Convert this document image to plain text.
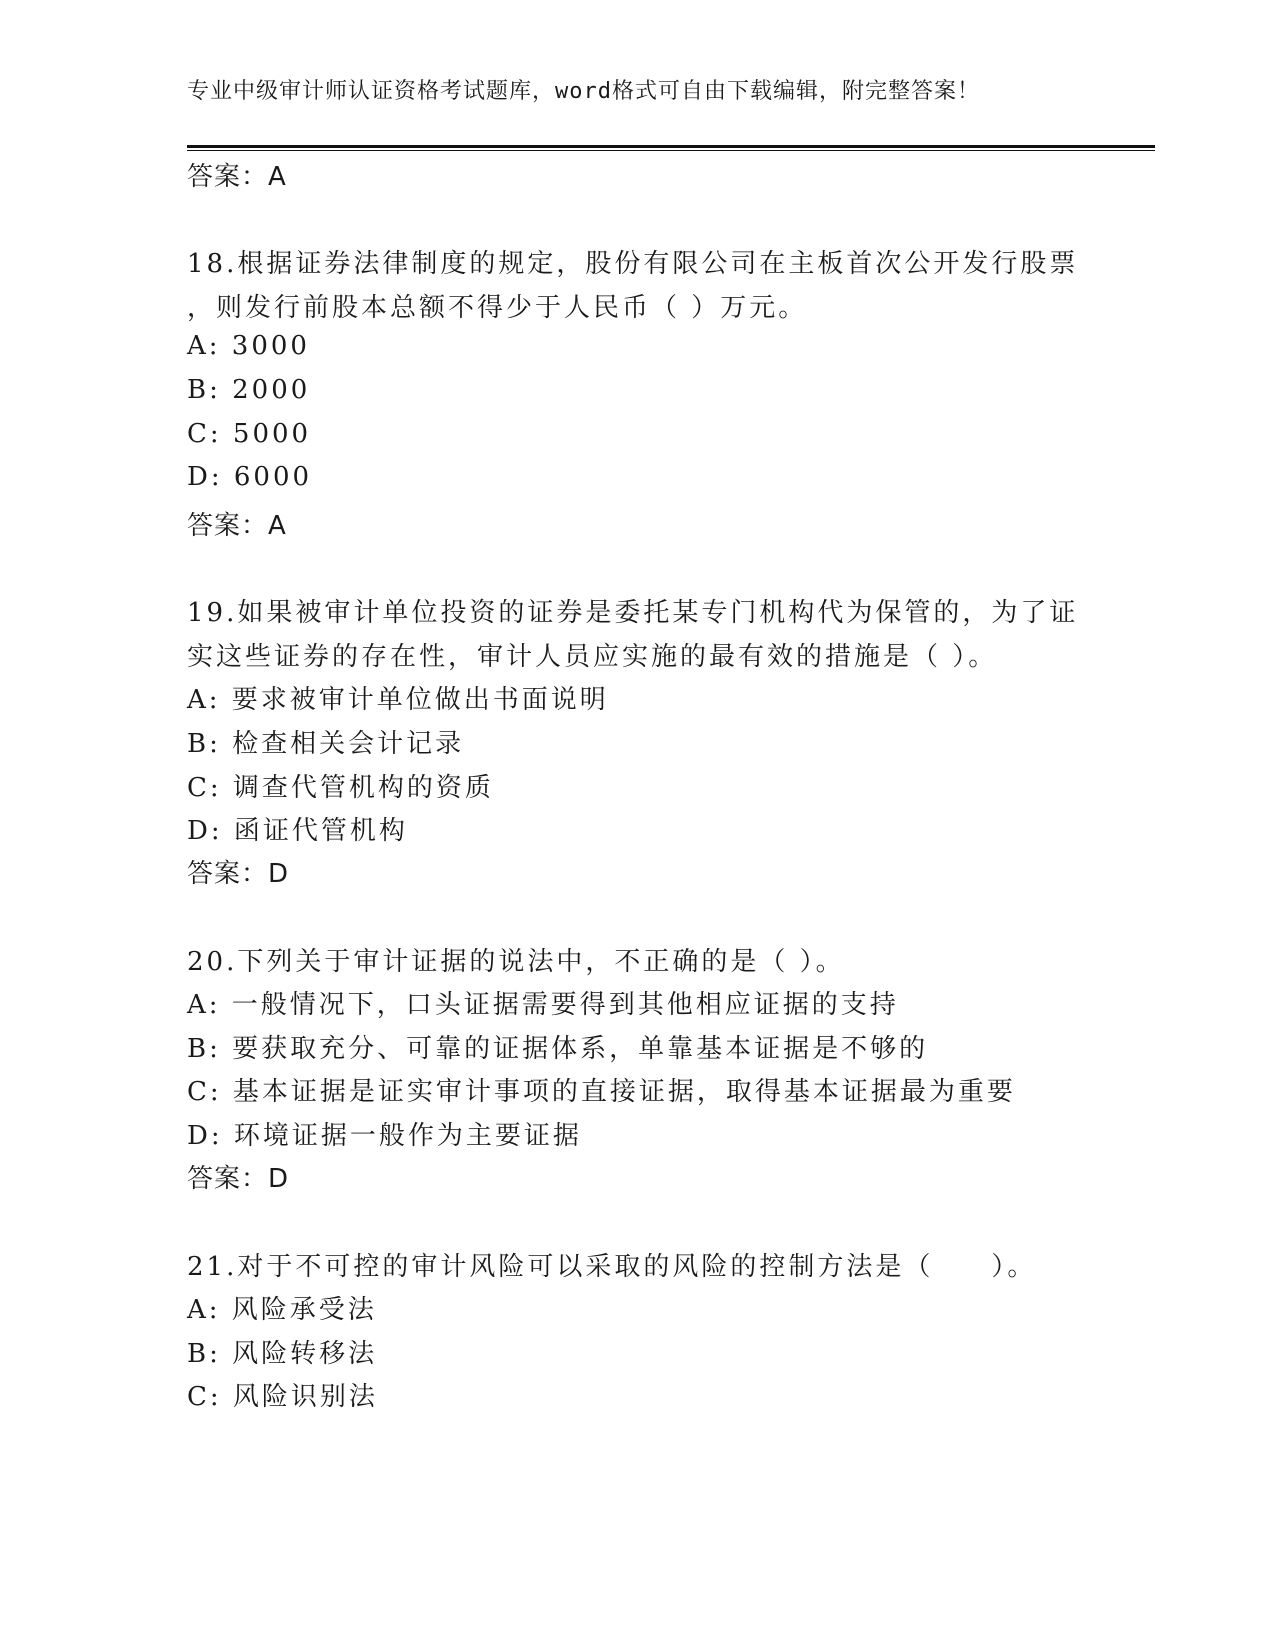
专业中级审计师认证资格考试题库，word格式可自由下载编辑，附完整答案！
答案：A
18.根据证券法律制度的规定，股份有限公司在主板首次公开发行股票
，则发行前股本总额不得少于人民币（ ）万元。
A: 3000
B: 2000
C: 5000
D: 6000
答案：A
19.如果被审计单位投资的证券是委托某专门机构代为保管的，为了证
实这些证券的存在性，审计人员应实施的最有效的措施是（ ）。
A: 要求被审计单位做出书面说明
B: 检查相关会计记录
C: 调查代管机构的资质
D: 函证代管机构
答案：D
20.下列关于审计证据的说法中，不正确的是（ ）。
A: 一般情况下，口头证据需要得到其他相应证据的支持
B: 要获取充分、可靠的证据体系，单靠基本证据是不够的
C: 基本证据是证实审计事项的直接证据，取得基本证据最为重要
D: 环境证据一般作为主要证据
答案：D
21.对于不可控的审计风险可以采取的风险的控制方法是（　　）。
A: 风险承受法
B: 风险转移法
C: 风险识别法
